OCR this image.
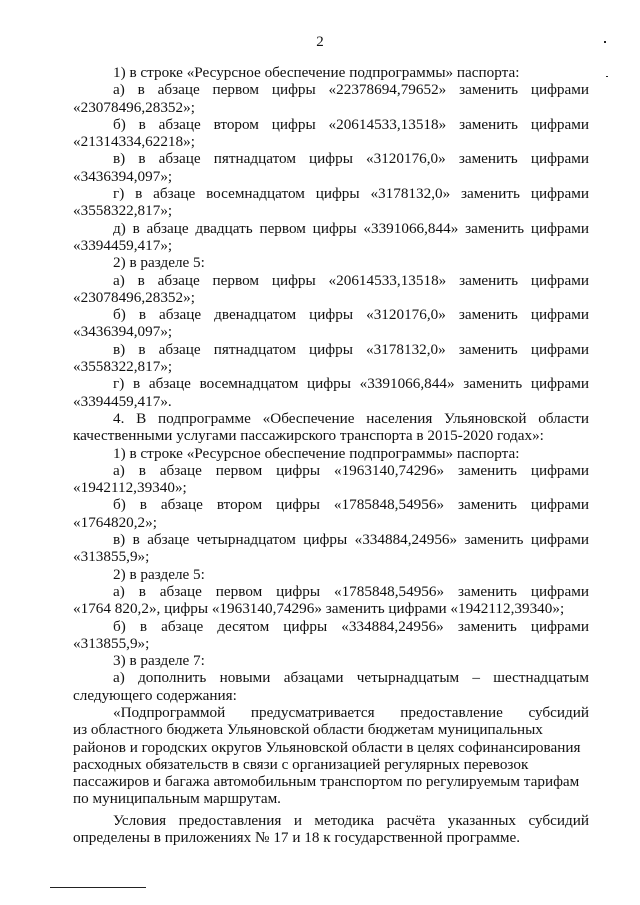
2
1) в строке «Ресурсное обеспечение подпрограммы» паспорта:
а) в абзаце первом цифры «22378694,79652» заменить цифрами
«23078496,28352»;
б) в абзаце втором цифры «20614533,13518» заменить цифрами
«21314334,62218»;
в) в абзаце пятнадцатом цифры «3120176,0» заменить цифрами
«3436394,097»;
г) в абзаце восемнадцатом цифры «3178132,0» заменить цифрами
«3558322,817»;
д) в абзаце двадцать первом цифры «3391066,844» заменить цифрами
«3394459,417»;
2) в разделе 5:
а) в абзаце первом цифры «20614533,13518» заменить цифрами
«23078496,28352»;
б) в абзаце двенадцатом цифры «3120176,0» заменить цифрами
«3436394,097»;
в) в абзаце пятнадцатом цифры «3178132,0» заменить цифрами
«3558322,817»;
г) в абзаце восемнадцатом цифры «3391066,844» заменить цифрами
«3394459,417».
4. В подпрограмме «Обеспечение населения Ульяновской области
качественными услугами пассажирского транспорта в 2015-2020 годах»:
1) в строке «Ресурсное обеспечение подпрограммы» паспорта:
а) в абзаце первом цифры «1963140,74296» заменить цифрами
«1942112,39340»;
б) в абзаце втором цифры «1785848,54956» заменить цифрами
«1764820,2»;
в) в абзаце четырнадцатом цифры «334884,24956» заменить цифрами
«313855,9»;
2) в разделе 5:
а) в абзаце первом цифры «1785848,54956» заменить цифрами
«1764 820,2», цифры «1963140,74296» заменить цифрами «1942112,39340»;
б) в абзаце десятом цифры «334884,24956» заменить цифрами
«313855,9»;
3) в разделе 7:
а) дополнить новыми абзацами четырнадцатым – шестнадцатым
следующего содержания:
«Подпрограммой предусматривается предоставление субсидий
из областного бюджета Ульяновской области бюджетам муниципальных
районов и городских округов Ульяновской области в целях софинансирования
расходных обязательств в связи с организацией регулярных перевозок
пассажиров и багажа автомобильным транспортом по регулируемым тарифам
по муниципальным маршрутам.
Условия предоставления и методика расчёта указанных субсидий
определены в приложениях № 17 и 18 к государственной программе.
